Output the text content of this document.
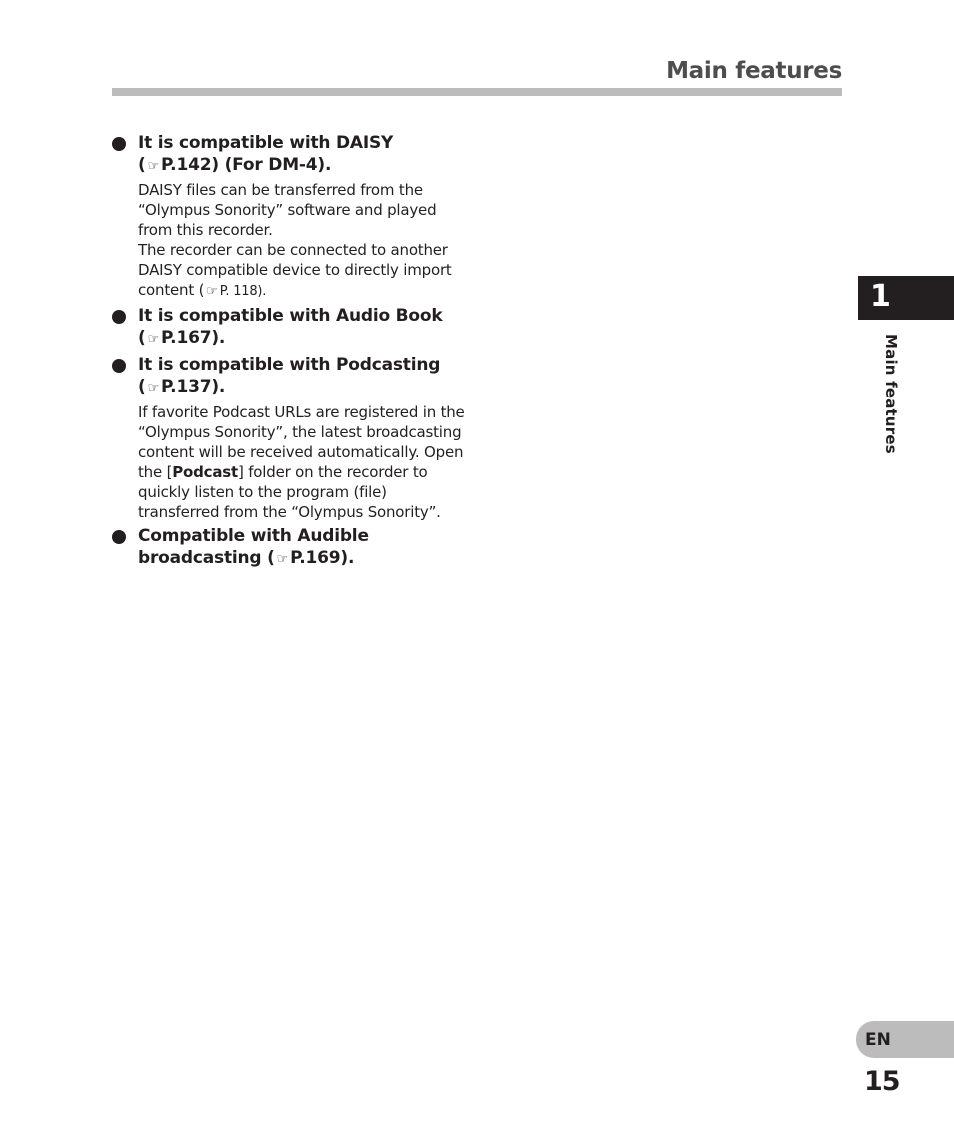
Main features
It is compatible with DAISY
( ☞ P.142) (For DM-4).

DAISY files can be transferred from the “Olympus Sonority” software and played from this recorder.

The recorder can be connected to another DAISY compatible device to directly import content ( ☞ P. 118).

It is compatible with Audio Book
( ☞ P.167).
It is compatible with Podcasting
( ☞ P.137).

If favorite Podcast URLs are registered in the “Olympus Sonority”, the latest broadcasting content will be received automatically. Open the [Podcast] folder on the recorder to quickly listen to the program (file) transferred from the “Olympus Sonority”.

Compatible with Audible broadcasting ( ☞ P.169).
1
Main features
EN
15
